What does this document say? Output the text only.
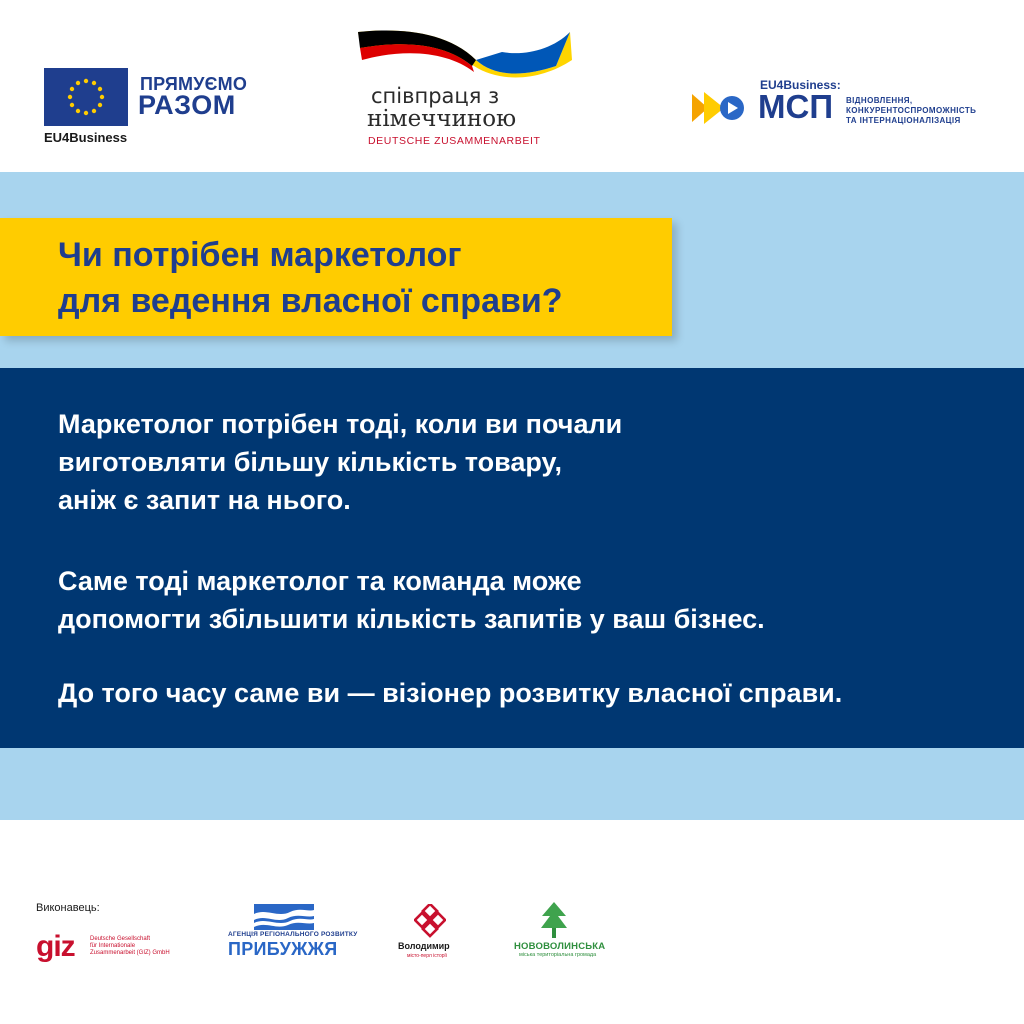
ПРЯМУЄМО
РАЗОМ
EU4Business
співпраця з
німеччиною
DEUTSCHE ZUSAMMENARBEIT
EU4Business:
МСП ВІДНОВЛЕННЯ,
КОНКУРЕНТОСПРОМОЖНІСТЬ
ТА ІНТЕРНАЦІОНАЛІЗАЦІЯ
Чи потрібен маркетолог
для ведення власної справи?
Маркетолог потрібен тоді, коли ви почали
виготовляти більшу кількість товару,
аніж є запит на нього.
Саме тоді маркетолог та команда може
допомогти збільшити кількість запитів у ваш бізнес.
До того часу саме ви — візіонер розвитку власної справи.
Виконавець:
giz	Deutsche Gesellschaft
für Internationale
Zusammenarbeit (GIZ) GmbH
АГЕНЦІЯ РЕГІОНАЛЬНОГО РОЗВИТКУ
ПРИБУЖЖЯ	Володимир
місто-перл історії
НОВОВОЛИНСЬКА
міська територіальна громада
